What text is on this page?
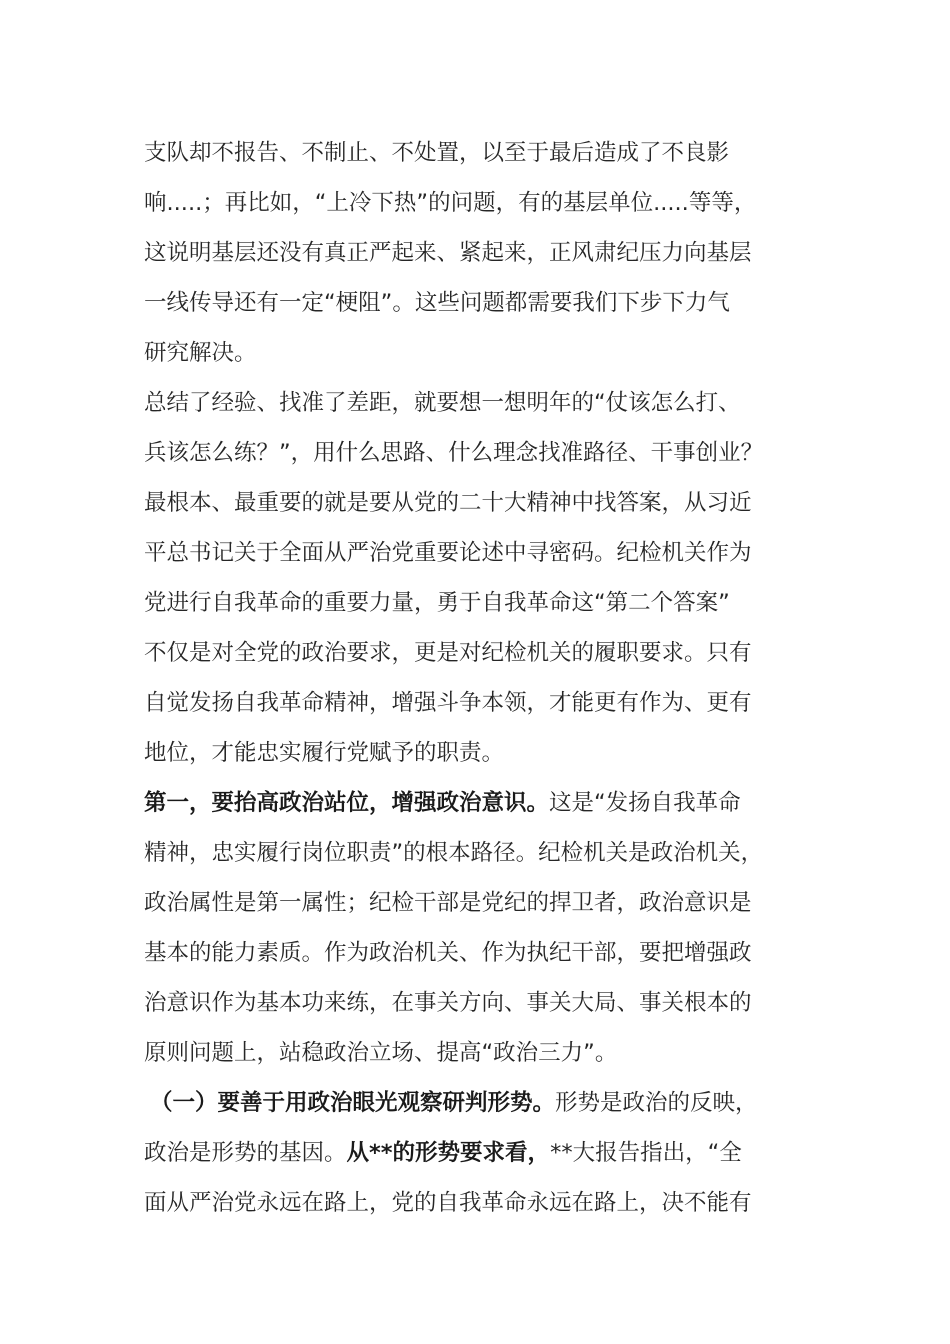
支队却不报告、不制止、不处置，以至于最后造成了不良影
响.....；再比如，“上冷下热”的问题，有的基层单位.....等等，
这说明基层还没有真正严起来、紧起来，正风肃纪压力向基层
一线传导还有一定“梗阻”。这些问题都需要我们下步下力气
研究解决。
总结了经验、找准了差距，就要想一想明年的“仗该怎么打、
兵该怎么练？”，用什么思路、什么理念找准路径、干事创业？
最根本、最重要的就是要从党的二十大精神中找答案，从习近
平总书记关于全面从严治党重要论述中寻密码。纪检机关作为
党进行自我革命的重要力量，勇于自我革命这“第二个答案”
不仅是对全党的政治要求，更是对纪检机关的履职要求。只有
自觉发扬自我革命精神，增强斗争本领，才能更有作为、更有
地位，才能忠实履行党赋予的职责。
第一，要抬高政治站位，增强政治意识。这是“发扬自我革命
精神，忠实履行岗位职责”的根本路径。纪检机关是政治机关，
政治属性是第一属性；纪检干部是党纪的捍卫者，政治意识是
基本的能力素质。作为政治机关、作为执纪干部，要把增强政
治意识作为基本功来练，在事关方向、事关大局、事关根本的
原则问题上，站稳政治立场、提高“政治三力”。
（一）要善于用政治眼光观察研判形势。形势是政治的反映，
政治是形势的基因。从**的形势要求看，**大报告指出，“全
面从严治党永远在路上，党的自我革命永远在路上，决不能有
